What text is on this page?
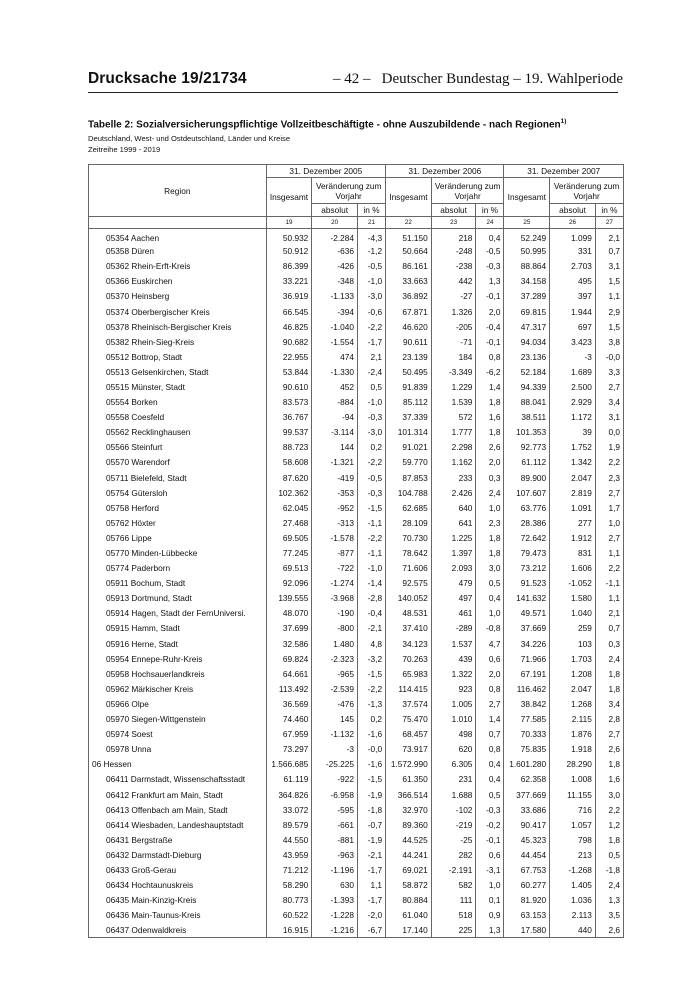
Drucksache 19/21734	– 42 – Deutscher Bundestag – 19. Wahlperiode
Tabelle 2: Sozialversicherungspflichtige Vollzeitbeschäftigte - ohne Auszubildende - nach Regionen$^{1)}$
Deutschland, West- und Ostdeutschland, Länder und Kreise
Zeitreihe 1999 - 2019
Region	31. Dezember 2005			31. Dezember 2006			31. Dezember 2007		
	Insgesamt	Veränderung zum Vorjahr		Insgesamt	Veränderung zum Vorjahr		Insgesamt	Veränderung zum Vorjahr	
		absolut	in %		absolut	in %		absolut	in %
	19	20	21	22	23	24	25	26	27
05354 Aachen	50.932	-2.284	-4,3	51.150	218	0,4	52.249	1.099	2,1
05358 Düren	50.912	-636	-1,2	50.664	-248	-0,5	50.995	331	0,7
05362 Rhein-Erft-Kreis	86.399	-426	-0,5	86.161	-238	-0,3	88.864	2.703	3,1
05366 Euskirchen	33.221	-348	-1,0	33.663	442	1,3	34.158	495	1,5
05370 Heinsberg	36.919	-1.133	-3,0	36.892	-27	-0,1	37.289	397	1,1
05374 Oberbergischer Kreis	66.545	-394	-0,6	67.871	1.326	2,0	69.815	1.944	2,9
05378 Rheinisch-Bergischer Kreis	46.825	-1.040	-2,2	46.620	-205	-0,4	47.317	697	1,5
05382 Rhein-Sieg-Kreis	90.682	-1.554	-1,7	90.611	-71	-0,1	94.034	3.423	3,8
05512 Bottrop, Stadt	22.955	474	2,1	23.139	184	0,8	23.136	-3	-0,0
05513 Gelsenkirchen, Stadt	53.844	-1.330	-2,4	50.495	-3.349	-6,2	52.184	1.689	3,3
05515 Münster, Stadt	90.610	452	0,5	91.839	1.229	1,4	94.339	2.500	2,7
05554 Borken	83.573	-884	-1,0	85.112	1.539	1,8	88.041	2.929	3,4
05558 Coesfeld	36.767	-94	-0,3	37.339	572	1,6	38.511	1.172	3,1
05562 Recklinghausen	99.537	-3.114	-3,0	101.314	1.777	1,8	101.353	39	0,0
05566 Steinfurt	88.723	144	0,2	91.021	2.298	2,6	92.773	1.752	1,9
05570 Warendorf	58.608	-1.321	-2,2	59.770	1.162	2,0	61.112	1.342	2,2
05711 Bielefeld, Stadt	87.620	-419	-0,5	87.853	233	0,3	89.900	2.047	2,3
05754 Gütersloh	102.362	-353	-0,3	104.788	2.426	2,4	107.607	2.819	2,7
05758 Herford	62.045	-952	-1,5	62.685	640	1,0	63.776	1.091	1,7
05762 Höxter	27.468	-313	-1,1	28.109	641	2,3	28.386	277	1,0
05766 Lippe	69.505	-1.578	-2,2	70.730	1.225	1,8	72.642	1.912	2,7
05770 Minden-Lübbecke	77.245	-877	-1,1	78.642	1.397	1,8	79.473	831	1,1
05774 Paderborn	69.513	-722	-1,0	71.606	2.093	3,0	73.212	1.606	2,2
05911 Bochum, Stadt	92.096	-1.274	-1,4	92.575	479	0,5	91.523	-1.052	-1,1
05913 Dortmund, Stadt	139.555	-3.968	-2,8	140.052	497	0,4	141.632	1.580	1,1
05914 Hagen, Stadt der FernUniversi.	48.070	-190	-0,4	48.531	461	1,0	49.571	1.040	2,1
05915 Hamm, Stadt	37.699	-800	-2,1	37.410	-289	-0,8	37.669	259	0,7
05916 Herne, Stadt	32.586	1.480	4,8	34.123	1.537	4,7	34.226	103	0,3
05954 Ennepe-Ruhr-Kreis	69.824	-2.323	-3,2	70.263	439	0,6	71.966	1.703	2,4
05958 Hochsauerlandkreis	64.661	-965	-1,5	65.983	1.322	2,0	67.191	1.208	1,8
05962 Märkischer Kreis	113.492	-2.539	-2,2	114.415	923	0,8	116.462	2.047	1,8
05966 Olpe	36.569	-476	-1,3	37.574	1.005	2,7	38.842	1.268	3,4
05970 Siegen-Wittgenstein	74.460	145	0,2	75.470	1.010	1,4	77.585	2.115	2,8
05974 Soest	67.959	-1.132	-1,6	68.457	498	0,7	70.333	1.876	2,7
05978 Unna	73.297	-3	-0,0	73.917	620	0,8	75.835	1.918	2,6
06 Hessen	1.566.685	-25.225	-1,6	1.572.990	6.305	0,4	1.601.280	28.290	1,8
06411 Darmstadt, Wissenschaftsstadt	61.119	-922	-1,5	61.350	231	0,4	62.358	1.008	1,6
06412 Frankfurt am Main, Stadt	364.826	-6.958	-1,9	366.514	1.688	0,5	377.669	11.155	3,0
06413 Offenbach am Main, Stadt	33.072	-595	-1,8	32.970	-102	-0,3	33.686	716	2,2
06414 Wiesbaden, Landeshauptstadt	89.579	-661	-0,7	89.360	-219	-0,2	90.417	1.057	1,2
06431 Bergstraße	44.550	-881	-1,9	44.525	-25	-0,1	45.323	798	1,8
06432 Darmstadt-Dieburg	43.959	-963	-2,1	44.241	282	0,6	44.454	213	0,5
06433 Groß-Gerau	71.212	-1.196	-1,7	69.021	-2.191	-3,1	67.753	-1.268	-1,8
06434 Hochtaunuskreis	58.290	630	1,1	58.872	582	1,0	60.277	1.405	2,4
06435 Main-Kinzig-Kreis	80.773	-1.393	-1,7	80.884	111	0,1	81.920	1.036	1,3
06436 Main-Taunus-Kreis	60.522	-1.228	-2,0	61.040	518	0,9	63.153	2.113	3,5
06437 Odenwaldkreis	16.915	-1.216	-6,7	17.140	225	1,3	17.580	440	2,6
